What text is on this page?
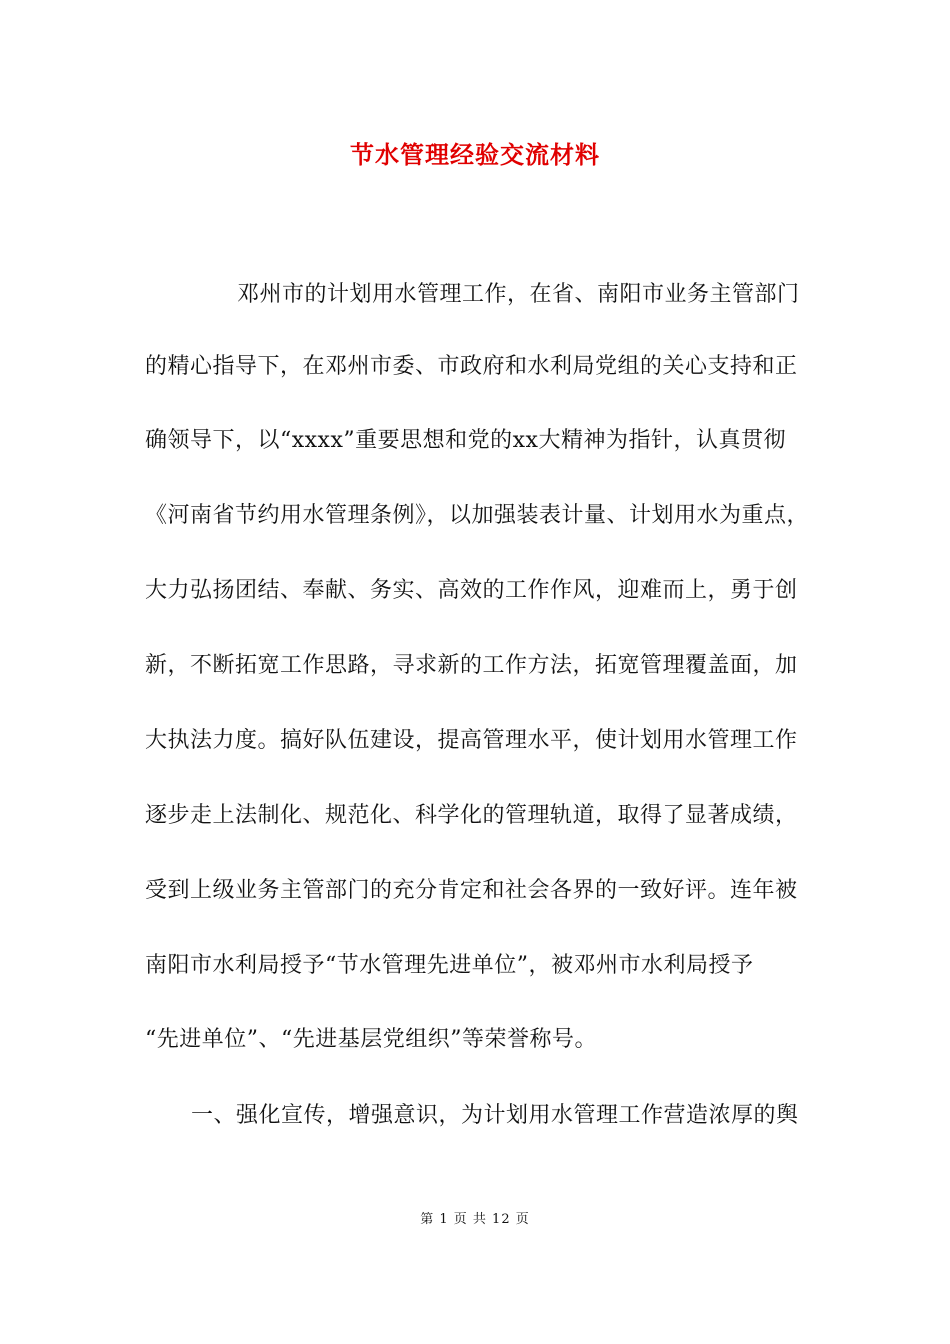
节水管理经验交流材料
邓州市的计划用水管理工作，在省、南阳市业务主管部门
的精心指导下，在邓州市委、市政府和水利局党组的关心支持和正
确领导下，以“xxxx”重要思想和党的xx大精神为指针，认真贯彻
《河南省节约用水管理条例》，以加强装表计量、计划用水为重点，
大力弘扬团结、奉献、务实、高效的工作作风，迎难而上，勇于创
新，不断拓宽工作思路，寻求新的工作方法，拓宽管理覆盖面，加
大执法力度。搞好队伍建设，提高管理水平，使计划用水管理工作
逐步走上法制化、规范化、科学化的管理轨道，取得了显著成绩，
受到上级业务主管部门的充分肯定和社会各界的一致好评。连年被
南阳市水利局授予“节水管理先进单位”，被邓州市水利局授予
“先进单位”、“先进基层党组织”等荣誉称号。
一、强化宣传，增强意识，为计划用水管理工作营造浓厚的舆
第 1 页 共 12 页
